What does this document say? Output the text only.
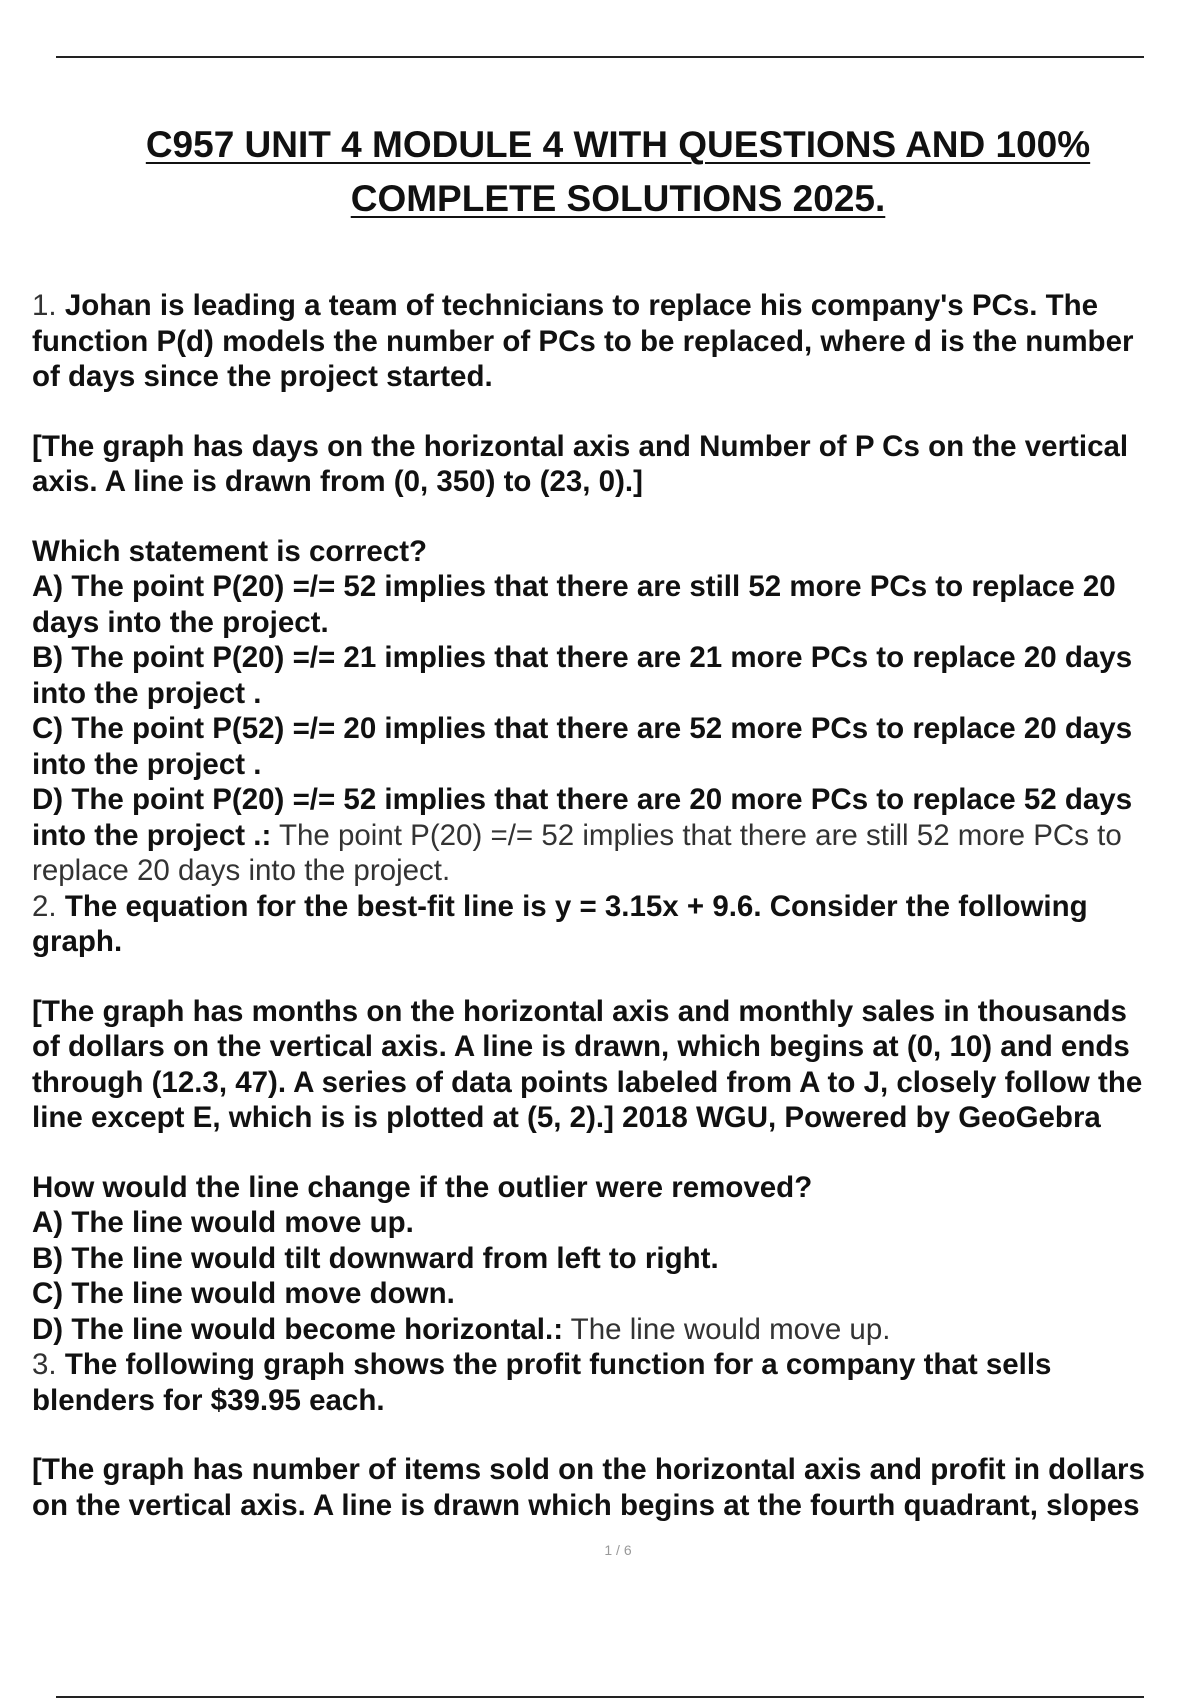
C957 UNIT 4 MODULE 4 WITH QUESTIONS AND 100%
COMPLETE SOLUTIONS 2025.
1. Johan is leading a team of technicians to replace his company's PCs. The
function P(d) models the number of PCs to be replaced, where d is the number
of days since the project started.
[The graph has days on the horizontal axis and Number of P Cs on the vertical
axis. A line is drawn from (0, 350) to (23, 0).]
Which statement is correct?
A) The point P(20) =/= 52 implies that there are still 52 more PCs to replace 20
days into the project.
B) The point P(20) =/= 21 implies that there are 21 more PCs to replace 20 days
into the project .
C) The point P(52) =/= 20 implies that there are 52 more PCs to replace 20 days
into the project .
D) The point P(20) =/= 52 implies that there are 20 more PCs to replace 52 days
into the project .: The point P(20) =/= 52 implies that there are still 52 more PCs to
replace 20 days into the project.
2. The equation for the best-fit line is y = 3.15x + 9.6. Consider the following
graph.
[The graph has months on the horizontal axis and monthly sales in thousands
of dollars on the vertical axis. A line is drawn, which begins at (0, 10) and ends
through (12.3, 47). A series of data points labeled from A to J, closely follow the
line except E, which is is plotted at (5, 2).] 2018 WGU, Powered by GeoGebra
How would the line change if the outlier were removed?
A) The line would move up.
B) The line would tilt downward from left to right.
C) The line would move down.
D) The line would become horizontal.: The line would move up.
3. The following graph shows the profit function for a company that sells
blenders for $39.95 each.
[The graph has number of items sold on the horizontal axis and profit in dollars
on the vertical axis. A line is drawn which begins at the fourth quadrant, slopes
1 / 6
